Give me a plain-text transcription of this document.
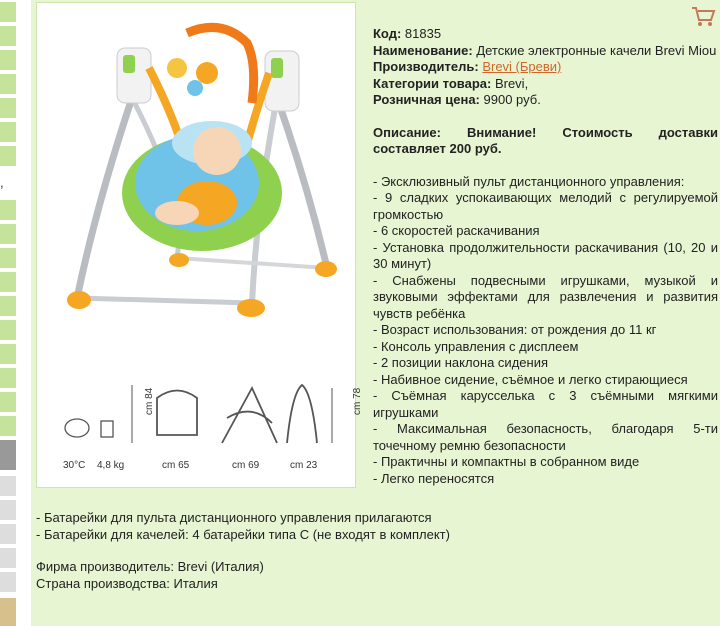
,
30°C 4,8 kg	cm 65	cm 69	cm 23
cm 84	cm 78
Код: 81835
Наименование: Детские электронные качели Brevi Miou
Производитель: Brevi (Бреви)
Категории товара: Brevi,
Розничная цена: 9900 руб.
Описание: Внимание! Стоимость доставки составляет 200 руб.
- Эксклюзивный пульт дистанционного управления:
- 9 сладких успокаивающих мелодий с регулируемой громкостью
- 6 скоростей раскачивания
- Установка продолжительности раскачивания (10, 20 и 30 минут)
- Снабжены подвесными игрушками, музыкой и звуковыми эффектами для развлечения и развития чувств ребёнка
- Возраст использования: от рождения до 11 кг
- Консоль управления с дисплеем
- 2 позиции наклона сидения
- Набивное сидение, съёмное и легко стирающиеся
- Съёмная карусселька с 3 съёмными мягкими игрушками
- Максимальная безопасность, благодаря 5-ти точечному ремню безопасности
- Практичны и компактны в собранном виде
- Легко переносятся
- Батарейки для пульта дистанционного управления прилагаются
- Батарейки для качелей: 4 батарейки типа С (не входят в комплект)
Фирма производитель: Brevi (Италия)
Страна производства: Италия
